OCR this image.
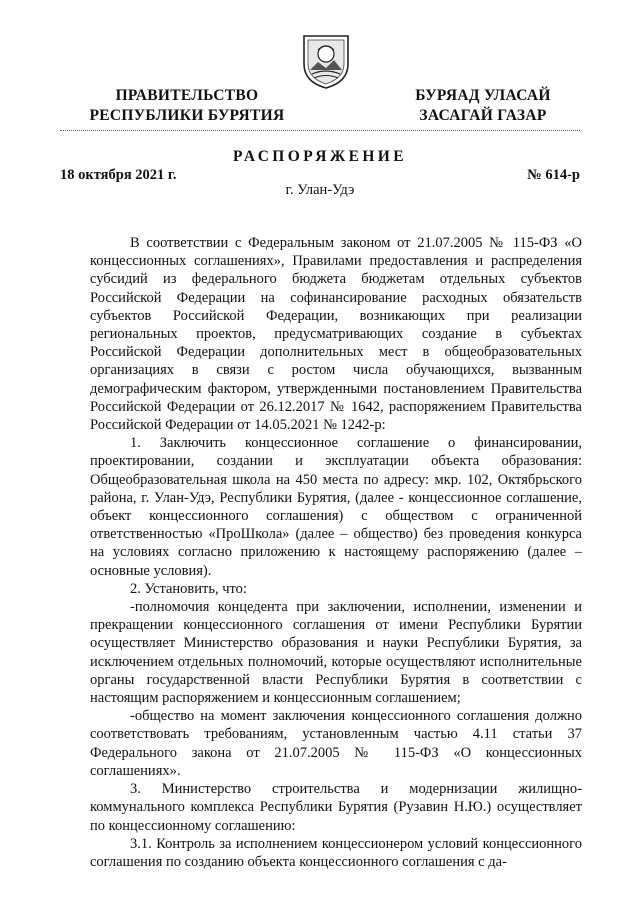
ПРАВИТЕЛЬСТВО
РЕСПУБЛИКИ БУРЯТИЯ
БУРЯАД УЛАСАЙ
ЗАСАГАЙ ГАЗАР
РАСПОРЯЖЕНИЕ
18 октября 2021 г.	№ 614-р
г. Улан-Удэ

В соответствии с Федеральным законом от 21.07.2005 № 115-ФЗ «О концессионных соглашениях», Правилами предоставления и распределения субсидий из федерального бюджета бюджетам отдельных субъектов Российской Федерации на софинансирование расходных обязательств субъектов Российской Федерации, возникающих при реализации региональных проектов, предусматривающих создание в субъектах Российской Федерации дополнительных мест в общеобразовательных организациях в связи с ростом числа обучающихся, вызванным демографическим фактором, утвержденными постановлением Правительства Российской Федерации от 26.12.2017 № 1642, распоряжением Правительства Российской Федерации от 14.05.2021 № 1242-р:

1. Заключить концессионное соглашение о финансировании, проектировании, создании и эксплуатации объекта образования: Общеобразовательная школа на 450 места по адресу: мкр. 102, Октябрьского района, г. Улан-Удэ, Республики Бурятия, (далее - концессионное соглашение, объект концессионного соглашения) с обществом с ограниченной ответственностью «ПроШкола» (далее – общество) без проведения конкурса на условиях согласно приложению к настоящему распоряжению (далее – основные условия).

2. Установить, что:

-полномочия концедента при заключении, исполнении, изменении и прекращении концессионного соглашения от имени Республики Бурятии осуществляет Министерство образования и науки Республики Бурятия, за исключением отдельных полномочий, которые осуществляют исполнительные органы государственной власти Республики Бурятия в соответствии с настоящим распоряжением и концессионным соглашением;

-общество на момент заключения концессионного соглашения должно соответствовать требованиям, установленным частью 4.11 статьи 37 Федерального закона от 21.07.2005 № 115-ФЗ «О концессионных соглашениях».

3. Министерство строительства и модернизации жилищно-коммунального комплекса Республики Бурятия (Рузавин Н.Ю.) осуществляет по концессионному соглашению:

3.1. Контроль за исполнением концессионером условий концессионного соглашения по созданию объекта концессионного соглашения с да-
